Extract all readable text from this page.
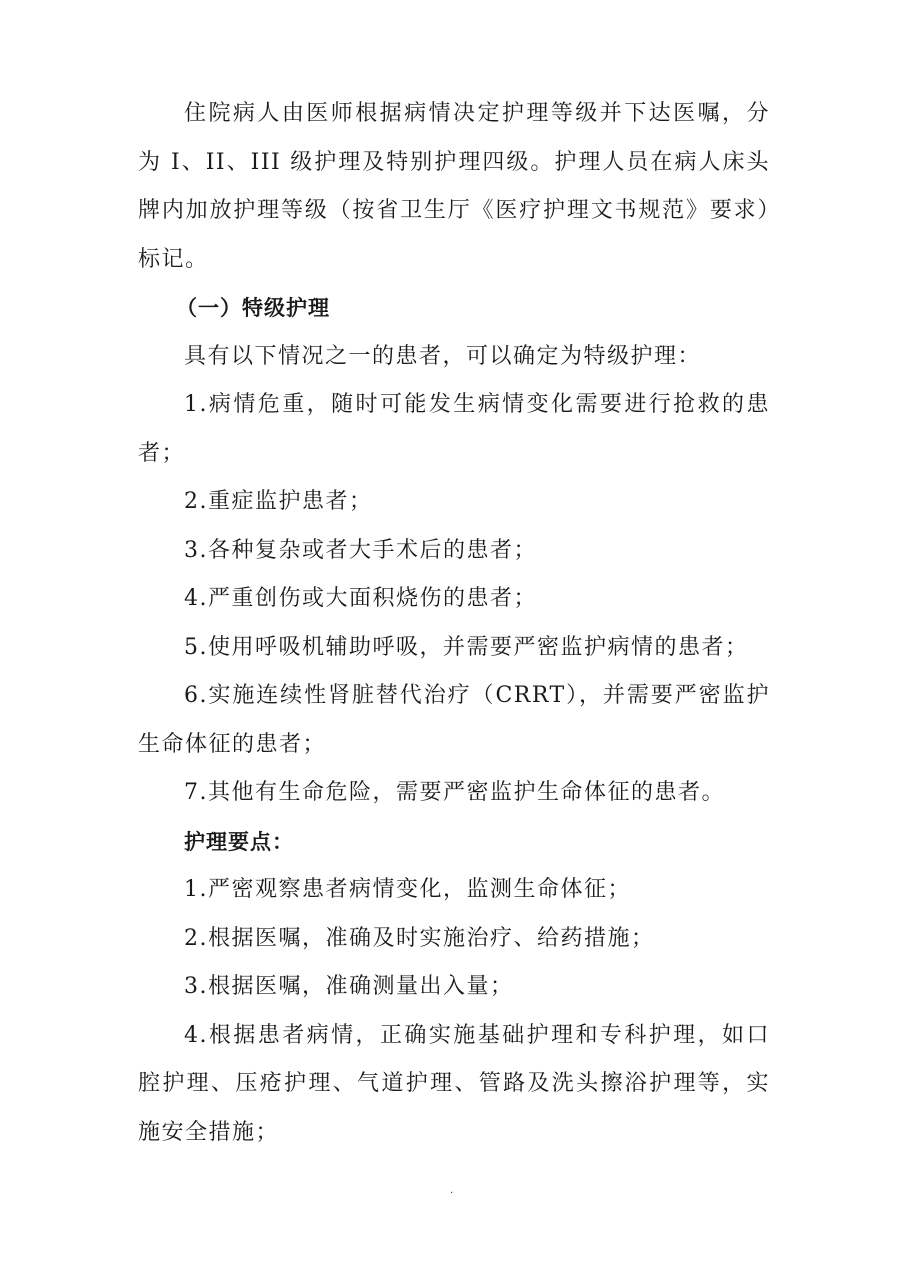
住院病人由医师根据病情决定护理等级并下达医嘱，分为 I、II、III 级护理及特别护理四级。护理人员在病人床头牌内加放护理等级（按省卫生厅《医疗护理文书规范》要求）标记。

（一）特级护理

具有以下情况之一的患者，可以确定为特级护理：

1.病情危重，随时可能发生病情变化需要进行抢救的患者；

2.重症监护患者；

3.各种复杂或者大手术后的患者；

4.严重创伤或大面积烧伤的患者；

5.使用呼吸机辅助呼吸，并需要严密监护病情的患者；

6.实施连续性肾脏替代治疗（CRRT），并需要严密监护生命体征的患者；

7.其他有生命危险，需要严密监护生命体征的患者。

护理要点：

1.严密观察患者病情变化，监测生命体征；

2.根据医嘱，准确及时实施治疗、给药措施；

3.根据医嘱，准确测量出入量；

4.根据患者病情，正确实施基础护理和专科护理，如口腔护理、压疮护理、气道护理、管路及洗头擦浴护理等，实施安全措施；

.
